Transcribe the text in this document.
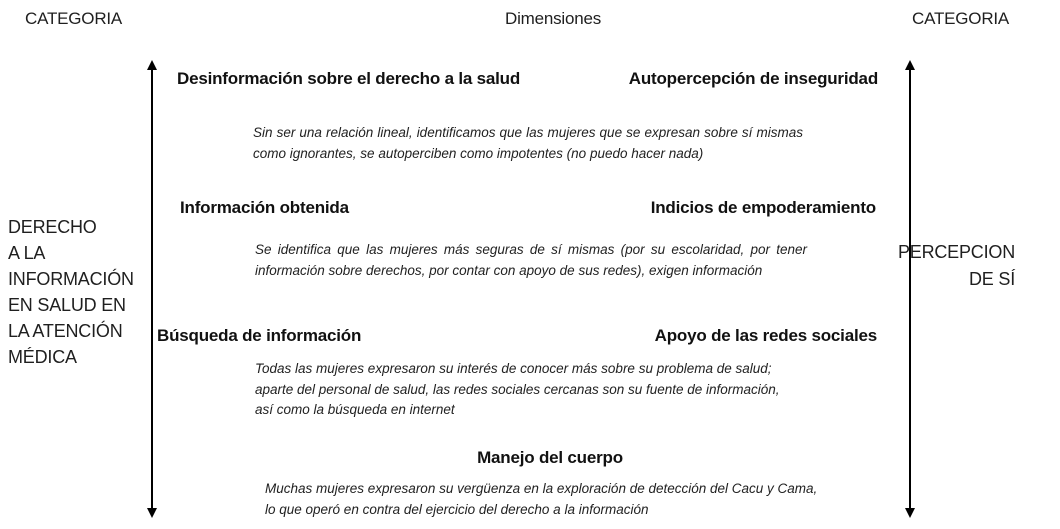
CATEGORIA	Dimensiones	CATEGORIA
DERECHO
A LA
INFORMACIÓN
EN SALUD EN
LA ATENCIÓN
MÉDICA
PERCEPCION
DE SÍ
Desinformación sobre el derecho a la salud	Autopercepción de inseguridad
Sin ser una relación lineal, identificamos que las mujeres que se expresan sobre sí mismas como ignorantes, se autoperciben como impotentes (no puedo hacer nada)
Información obtenida	Indicios de empoderamiento
Se identifica que las mujeres más seguras de sí mismas (por su escolaridad, por tener información sobre derechos, por contar con apoyo de sus redes), exigen información
Búsqueda de información	Apoyo de las redes sociales
Todas las mujeres expresaron su interés de conocer más sobre su problema de salud; aparte del personal de salud, las redes sociales cercanas son su fuente de información, así como la búsqueda en internet
Manejo del cuerpo
Muchas mujeres expresaron su vergüenza en la exploración de detección del Cacu y Cama, lo que operó en contra del ejercicio del derecho a la información
